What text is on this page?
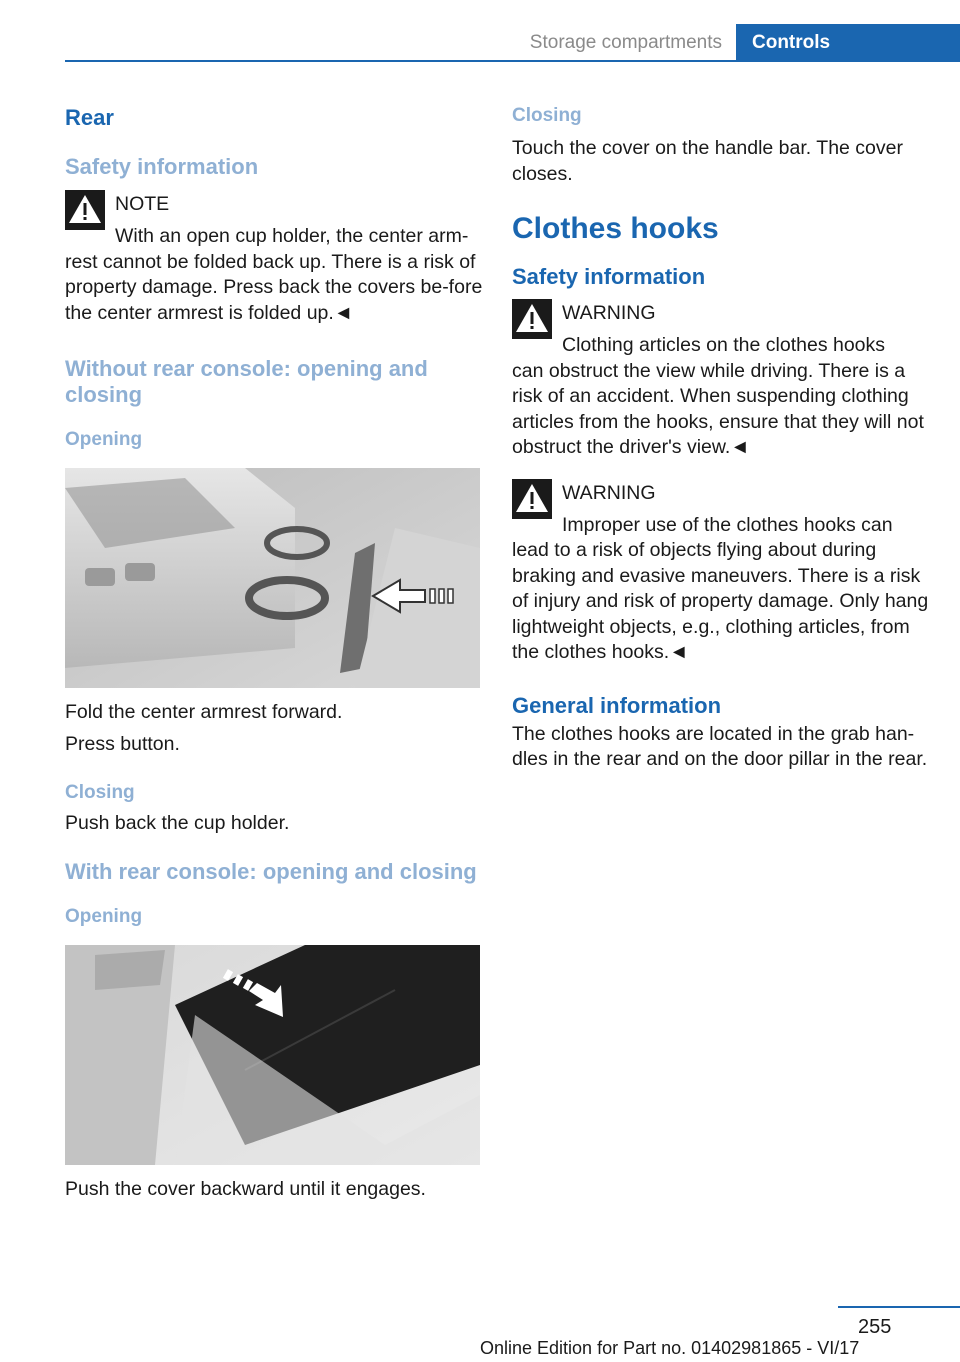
Storage compartments	Controls
Rear
Safety information
NOTE

With an open cup holder, the center arm-

rest cannot be folded back up. There is a risk of property damage. Press back the covers be-fore the center armrest is folded up.◄

Without rear console: opening and closing
Opening

Fold the center armrest forward.

Press button.

Closing

Push back the cup holder.

With rear console: opening and closing
Opening

Push the cover backward until it engages.

Closing

Touch the cover on the handle bar. The cover closes.

Clothes hooks
Safety information
WARNING

Clothing articles on the clothes hooks

can obstruct the view while driving. There is a risk of an accident. When suspending clothing articles from the hooks, ensure that they will not obstruct the driver's view.◄

WARNING

Improper use of the clothes hooks can

lead to a risk of objects flying about during braking and evasive maneuvers. There is a risk of injury and risk of property damage. Only hang lightweight objects, e.g., clothing articles, from the clothes hooks.◄

General information

The clothes hooks are located in the grab han-dles in the rear and on the door pillar in the rear.

255
Online Edition for Part no. 01402981865 - VI/17
